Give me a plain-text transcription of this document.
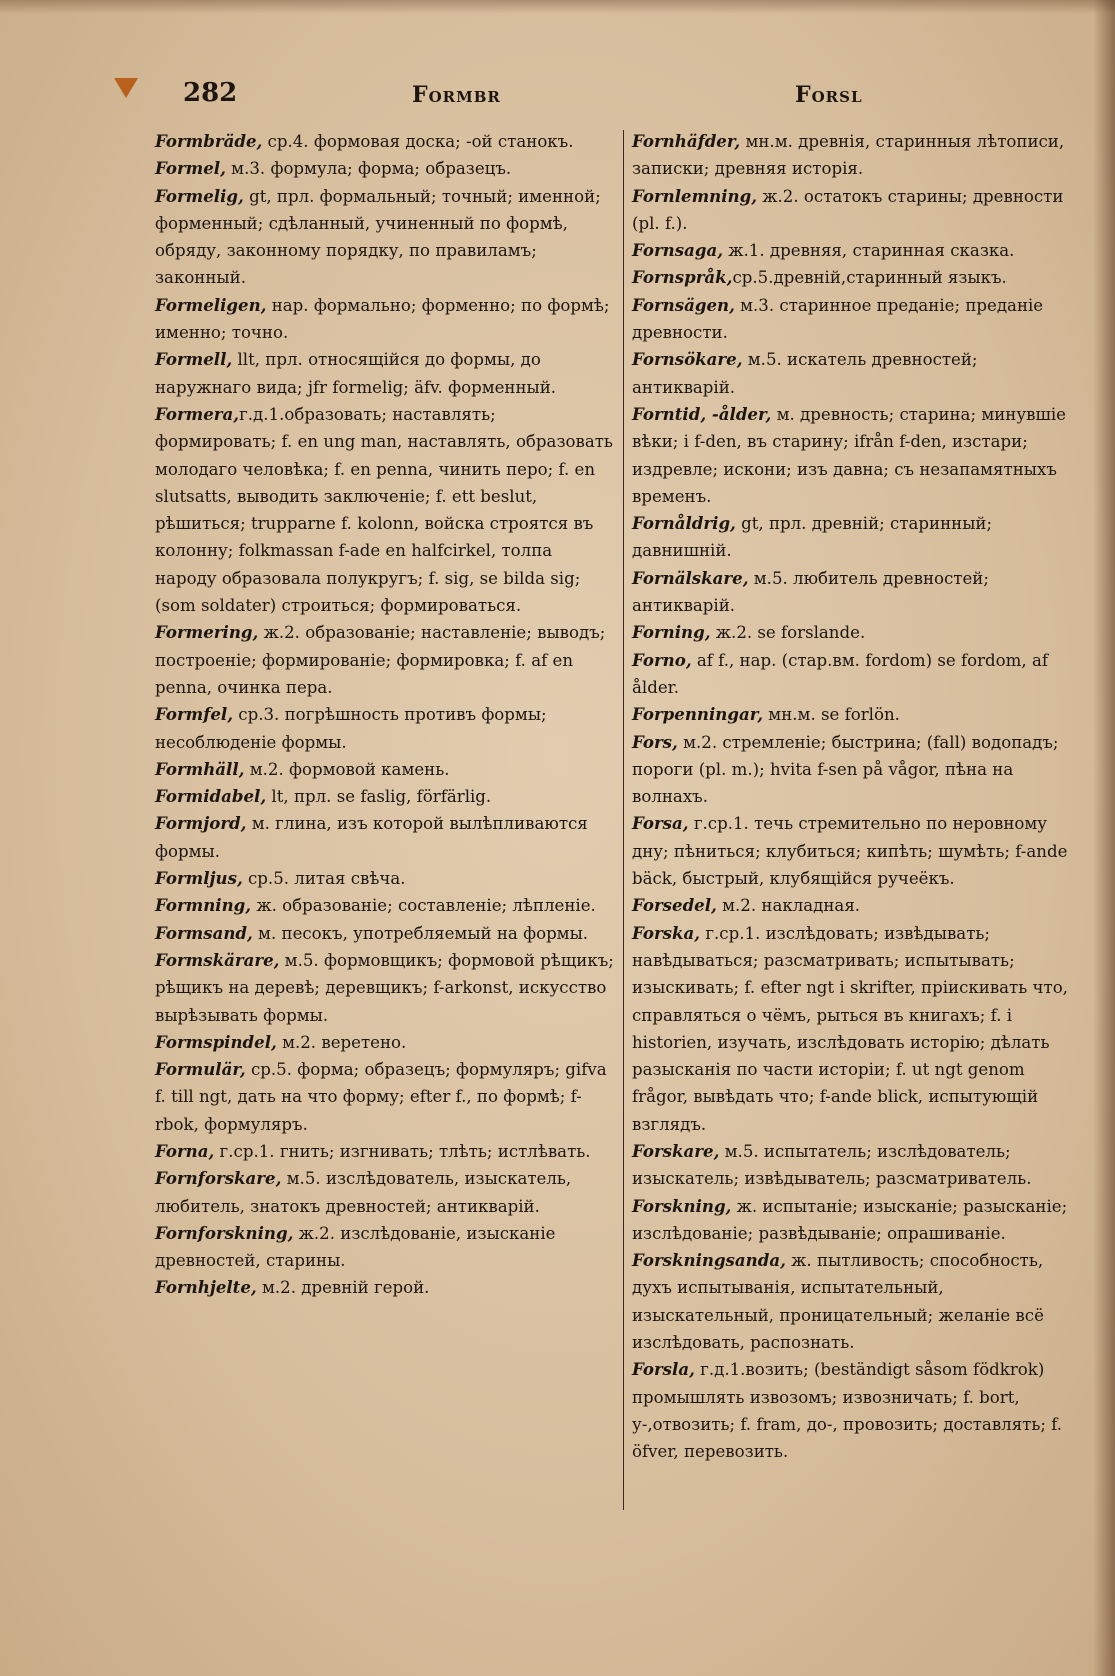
282	Formbr	Forsl

Formbräde, ср.4. формовая доска; -ой станокъ.

Formel, м.3. формула; форма; образецъ.

Formelig, gt, прл. формальный; точный; именной; форменный; сдѣланный, учиненный по формѣ, обряду, законному порядку, по правиламъ; законный.

Formeligen, нар. формально; форменно; по формѣ; именно; точно.

Formell, llt, прл. относящійся до формы, до наружнаго вида; jfr formelig; äfv. форменный.

Formera,г.д.1.образовать; наставлять; формировать; f. en ung man, наставлять, образовать молодаго человѣка; f. en penna, чинить перо; f. en slutsatts, выводить заключеніе; f. ett beslut, рѣшиться; trupparne f. kolonn, войска строятся въ колонну; folkmassan f-ade en halfcirkel, толпа народу образовала полукругъ; f. sig, se bilda sig; (som soldater) строиться; формироваться.

Formering, ж.2. образованіе; наставленіе; выводъ; построеніе; формированіе; формировка; f. af en penna, очинка пера.

Formfel, ср.3. погрѣшность противъ формы; несоблюденіе формы.

Formhäll, м.2. формовой камень.

Formidabel, lt, прл. se faslig, förfärlig.

Formjord, м. глина, изъ которой вылѣпливаются формы.

Formljus, ср.5. литая свѣча.

Formning, ж. образованіе; составленіе; лѣпленіе.

Formsand, м. песокъ, употребляемый на формы.

Formskärare, м.5. формовщикъ; формовой рѣщикъ; рѣщикъ на деревѣ; деревщикъ; f-arkonst, искусство вырѣзывать формы.

Formspindel, м.2. веретено.

Formulär, ср.5. форма; образецъ; формуляръ; gifva f. till ngt, дать на что форму; efter f., по формѣ; f-rbok, формуляръ.

Forna, г.ср.1. гнить; изгнивать; тлѣть; истлѣвать.

Fornforskare, м.5. изслѣдователь, изыскатель, любитель, знатокъ древностей; антикварій.

Fornforskning, ж.2. изслѣдованіе, изысканіе древностей, старины.

Fornhjelte, м.2. древній герой.

Fornhäfder, мн.м. древнія, старинныя лѣтописи, записки; древняя исторія.

Fornlemning, ж.2. остатокъ старины; древности (pl. f.).

Fornsaga, ж.1. древняя, старинная сказка.

Fornspråk,ср.5.древній,старинный языкъ.

Fornsägen, м.3. старинное преданіе; преданіе древности.

Fornsökare, м.5. искатель древностей; антикварій.

Forntid, -ålder, м. древность; старина; минувшіе вѣки; i f-den, въ старину; ifrån f-den, изстари; издревле; искони; изъ давна; съ незапамятныхъ временъ.

Fornåldrig, gt, прл. древній; старинный; давнишній.

Fornälskare, м.5. любитель древностей; антикварій.

Forning, ж.2. se forslande.

Forno, af f., нар. (стар.вм. fordom) se fordom, af ålder.

Forpenningar, мн.м. se forlön.

Fors, м.2. стремленіе; быстрина; (fall) водопадъ; пороги (pl. m.); hvita f-sen på vågor, пѣна на волнахъ.

Forsa, г.ср.1. течь стремительно по неровному дну; пѣниться; клубиться; кипѣть; шумѣть; f-ande bäck, быстрый, клубящійся ручеёкъ.

Forsedel, м.2. накладная.

Forska, г.ср.1. изслѣдовать; извѣдывать; навѣдываться; разсматривать; испытывать; изыскивать; f. efter ngt i skrifter, пріискивать что, справляться о чёмъ, рыться въ книгахъ; f. i historien, изучать, изслѣдовать исторію; дѣлать разысканія по части исторіи; f. ut ngt genom frågor, вывѣдать что; f-ande blick, испытующій взглядъ.

Forskare, м.5. испытатель; изслѣдователь; изыскатель; извѣдыватель; разсматриватель.

Forskning, ж. испытаніе; изысканіе; разысканіе; изслѣдованіе; развѣдываніе; опрашиваніе.

Forskningsanda, ж. пытливость; способность, духъ испытыванія, испытательный, изыскательный, проницательный; желаніе всё изслѣдовать, распознать.

Forsla, г.д.1.возить; (beständigt såsom födkrok) промышлять извозомъ; извозничать; f. bort, у-,отвозить; f. fram, до-, провозить; доставлять; f. öfver, перевозить.
